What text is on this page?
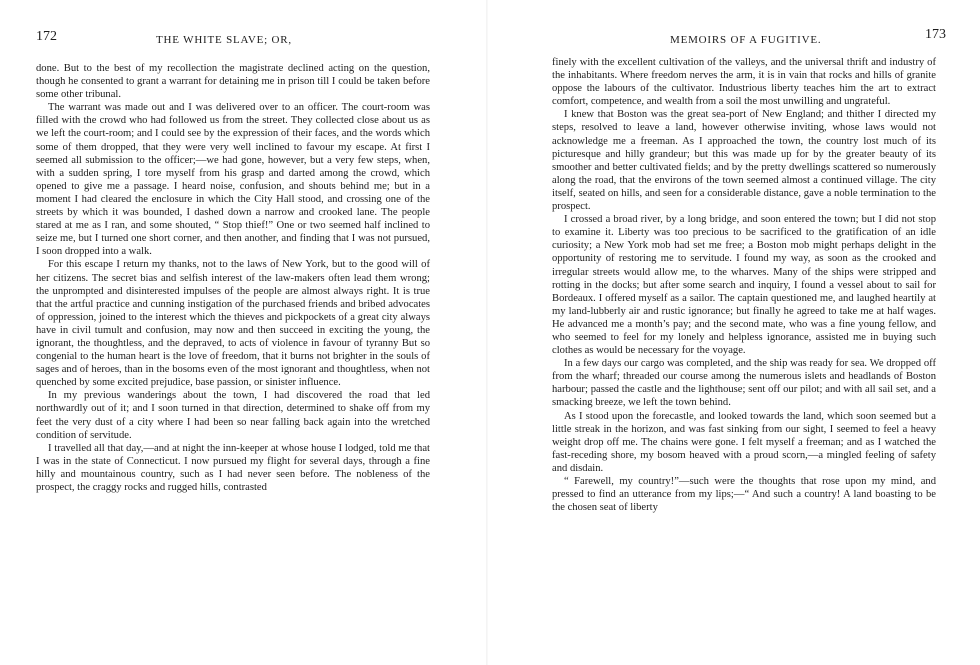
172	THE WHITE SLAVE; OR,

done. But to the best of my recollection the magistrate declined acting on the question, though he consented to grant a warrant for detaining me in prison till I could be taken before some other tribunal.

The warrant was made out and I was delivered over to an officer. The court-room was filled with the crowd who had followed us from the street. They collected close about us as we left the court-room; and I could see by the expression of their faces, and the words which some of them dropped, that they were very well inclined to favour my escape. At first I seemed all submission to the officer;—we had gone, however, but a very few steps, when, with a sudden spring, I tore myself from his grasp and darted among the crowd, which opened to give me a passage. I heard noise, confusion, and shouts behind me; but in a moment I had cleared the enclosure in which the City Hall stood, and crossing one of the streets by which it was bounded, I dashed down a narrow and crooked lane. The people stared at me as I ran, and some shouted, “ Stop thief!” One or two seemed half inclined to seize me, but I turned one short corner, and then another, and finding that I was not pursued, I soon dropped into a walk.

For this escape I return my thanks, not to the laws of New York, but to the good will of her citizens. The secret bias and selfish interest of the law-makers often lead them wrong; the unprompted and disinterested impulses of the people are almost always right. It is true that the artful practice and cunning instigation of the purchased friends and bribed advocates of oppression, joined to the interest which the thieves and pickpockets of a great city always have in civil tumult and confusion, may now and then succeed in exciting the young, the ignorant, the thoughtless, and the depraved, to acts of violence in favour of tyranny But so congenial to the human heart is the love of freedom, that it burns not brighter in the souls of sages and of heroes, than in the bosoms even of the most ignorant and thoughtless, when not quenched by some excited prejudice, base passion, or sinister influence.

In my previous wanderings about the town, I had discovered the road that led northwardly out of it; and I soon turned in that direction, determined to shake off from my feet the very dust of a city where I had been so near falling back again into the wretched condition of servitude.

I travelled all that day,—and at night the inn-keeper at whose house I lodged, told me that I was in the state of Connecticut. I now pursued my flight for several days, through a fine hilly and mountainous country, such as I had never seen before. The nobleness of the prospect, the craggy rocks and rugged hills, contrasted

MEMOIRS OF A FUGITIVE.	173

finely with the excellent cultivation of the valleys, and the universal thrift and industry of the inhabitants. Where freedom nerves the arm, it is in vain that rocks and hills of granite oppose the labours of the cultivator. Industrious liberty teaches him the art to extract comfort, competence, and wealth from a soil the most unwilling and ungrateful.

I knew that Boston was the great sea-port of New England; and thither I directed my steps, resolved to leave a land, however otherwise inviting, whose laws would not acknowledge me a freeman. As I approached the town, the country lost much of its picturesque and hilly grandeur; but this was made up for by the greater beauty of its smoother and better cultivated fields; and by the pretty dwellings scattered so numerously along the road, that the environs of the town seemed almost a continued village. The city itself, seated on hills, and seen for a considerable distance, gave a noble termination to the prospect.

I crossed a broad river, by a long bridge, and soon entered the town; but I did not stop to examine it. Liberty was too precious to be sacrificed to the gratification of an idle curiosity; a New York mob had set me free; a Boston mob might perhaps delight in the opportunity of restoring me to servitude. I found my way, as soon as the crooked and irregular streets would allow me, to the wharves. Many of the ships were stripped and rotting in the docks; but after some search and inquiry, I found a vessel about to sail for Bordeaux. I offered myself as a sailor. The captain questioned me, and laughed heartily at my land-lubberly air and rustic ignorance; but finally he agreed to take me at half wages. He advanced me a month’s pay; and the second mate, who was a fine young fellow, and who seemed to feel for my lonely and helpless ignorance, assisted me in buying such clothes as would be necessary for the voyage.

In a few days our cargo was completed, and the ship was ready for sea. We dropped off from the wharf; threaded our course among the numerous islets and headlands of Boston harbour; passed the castle and the lighthouse; sent off our pilot; and with all sail set, and a smacking breeze, we left the town behind.

As I stood upon the forecastle, and looked towards the land, which soon seemed but a little streak in the horizon, and was fast sinking from our sight, I seemed to feel a heavy weight drop off me. The chains were gone. I felt myself a freeman; and as I watched the fast-receding shore, my bosom heaved with a proud scorn,—a mingled feeling of safety and disdain.

“ Farewell, my country!”—such were the thoughts that rose upon my mind, and pressed to find an utterance from my lips;—“ And such a country! A land boasting to be the chosen seat of liberty
